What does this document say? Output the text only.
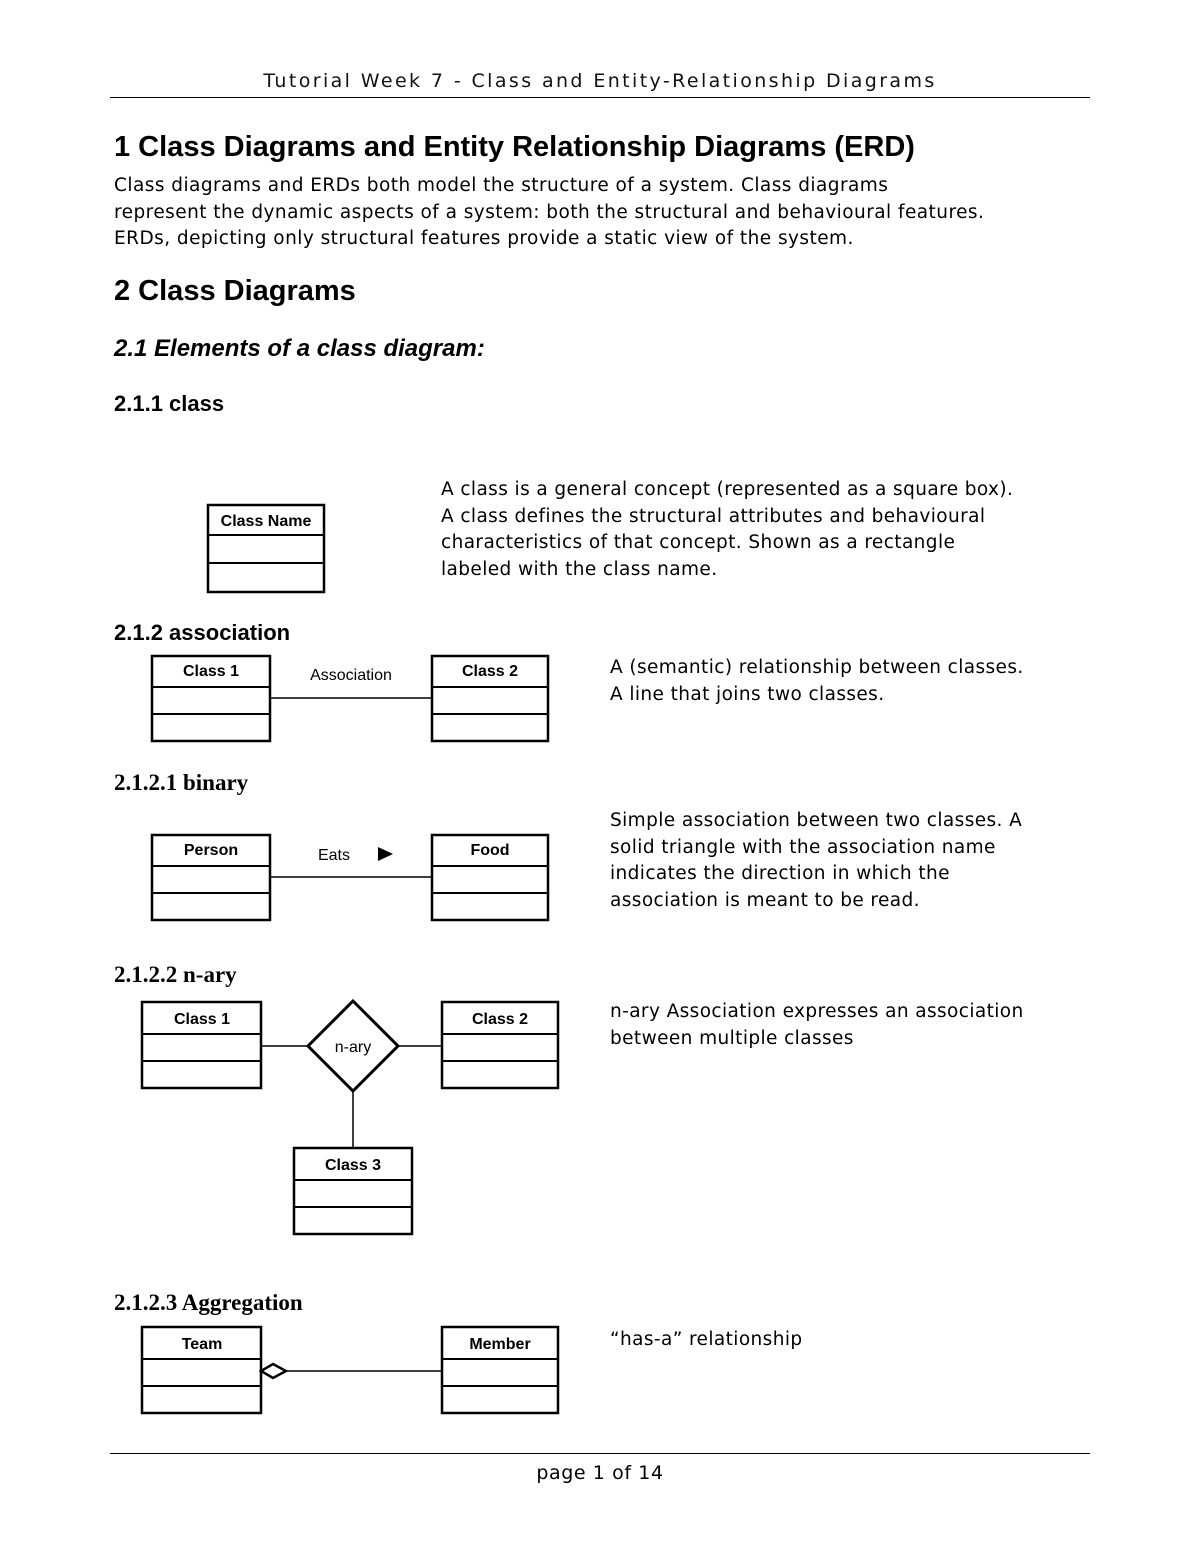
Tutorial Week 7 - Class and Entity-Relationship Diagrams
1 Class Diagrams and Entity Relationship Diagrams (ERD)
Class diagrams and ERDs both model the structure of a system. Class diagrams
represent the dynamic aspects of a system: both the structural and behavioural features.
ERDs, depicting only structural features provide a static view of the system.
2 Class Diagrams
2.1 Elements of a class diagram:
2.1.1 class
Class Name
A class is a general concept (represented as a square box).
A class defines the structural attributes and behavioural
characteristics of that concept. Shown as a rectangle
labeled with the class name.
2.1.2 association
Class 1	Association	Class 2	A (semantic) relationship between classes.
A line that joins two classes.
2.1.2.1 binary
Person	Eats	Food
Simple association between two classes. A
solid triangle with the association name
indicates the direction in which the
association is meant to be read.
2.1.2.2 n-ary
Class 1
n-ary
Class 2
Class 3
n-ary Association expresses an association
between multiple classes
2.1.2.3 Aggregation
Team	Member	“has-a” relationship
page 1 of 14
